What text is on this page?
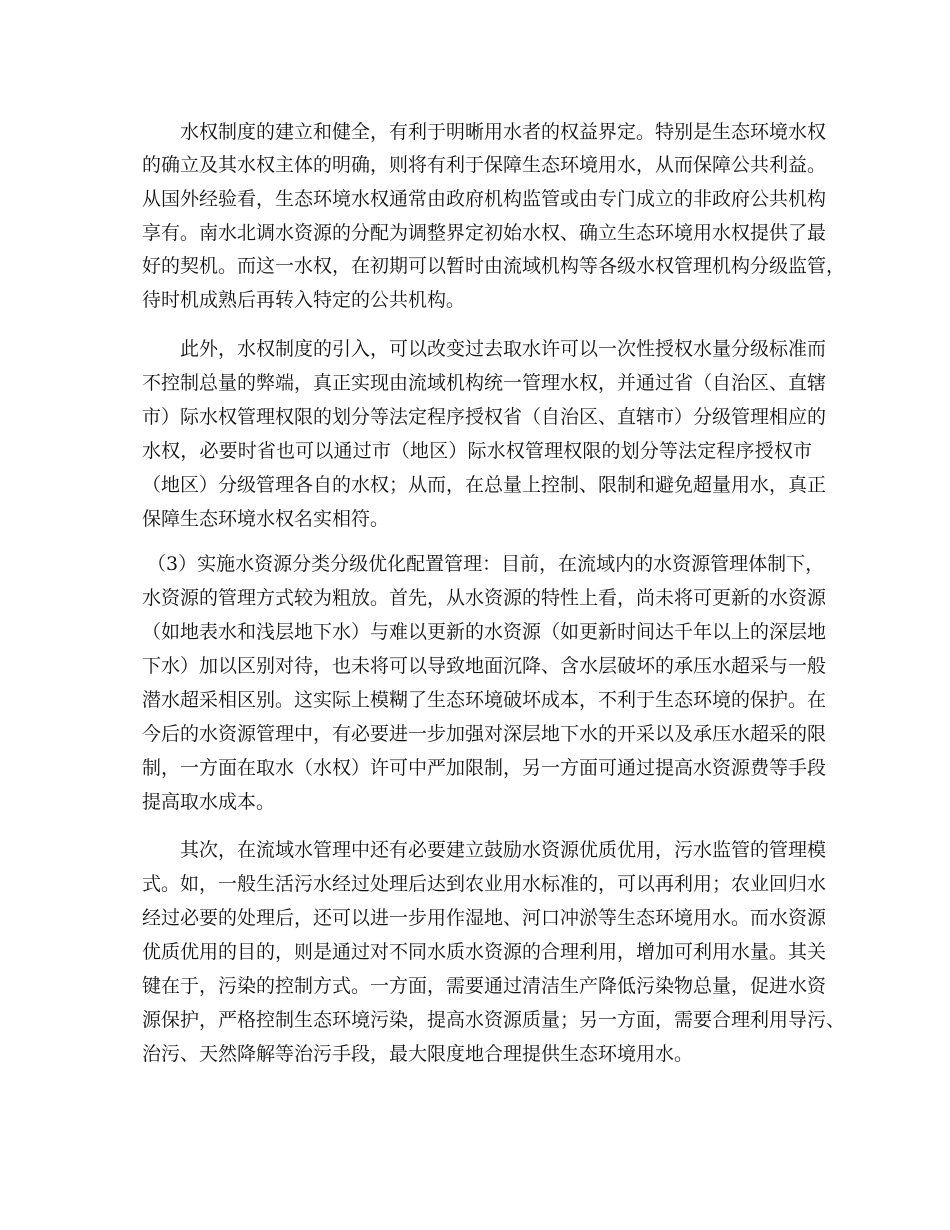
水权制度的建立和健全，有利于明晰用水者的权益界定。特别是生态环境水权
的确立及其水权主体的明确，则将有利于保障生态环境用水，从而保障公共利益。
从国外经验看，生态环境水权通常由政府机构监管或由专门成立的非政府公共机构
享有。南水北调水资源的分配为调整界定初始水权、确立生态环境用水权提供了最
好的契机。而这一水权，在初期可以暂时由流域机构等各级水权管理机构分级监管，
待时机成熟后再转入特定的公共机构。
此外，水权制度的引入，可以改变过去取水许可以一次性授权水量分级标准而
不控制总量的弊端，真正实现由流域机构统一管理水权，并通过省（自治区、直辖
市）际水权管理权限的划分等法定程序授权省（自治区、直辖市）分级管理相应的
水权，必要时省也可以通过市（地区）际水权管理权限的划分等法定程序授权市
（地区）分级管理各自的水权；从而，在总量上控制、限制和避免超量用水，真正
保障生态环境水权名实相符。
（3）实施水资源分类分级优化配置管理：目前，在流域内的水资源管理体制下，
水资源的管理方式较为粗放。首先，从水资源的特性上看，尚未将可更新的水资源
（如地表水和浅层地下水）与难以更新的水资源（如更新时间达千年以上的深层地
下水）加以区别对待，也未将可以导致地面沉降、含水层破坏的承压水超采与一般
潜水超采相区别。这实际上模糊了生态环境破坏成本，不利于生态环境的保护。在
今后的水资源管理中，有必要进一步加强对深层地下水的开采以及承压水超采的限
制，一方面在取水（水权）许可中严加限制，另一方面可通过提高水资源费等手段
提高取水成本。
其次，在流域水管理中还有必要建立鼓励水资源优质优用，污水监管的管理模
式。如，一般生活污水经过处理后达到农业用水标准的，可以再利用；农业回归水
经过必要的处理后，还可以进一步用作湿地、河口冲淤等生态环境用水。而水资源
优质优用的目的，则是通过对不同水质水资源的合理利用，增加可利用水量。其关
键在于，污染的控制方式。一方面，需要通过清洁生产降低污染物总量，促进水资
源保护，严格控制生态环境污染，提高水资源质量；另一方面，需要合理利用导污、
治污、天然降解等治污手段，最大限度地合理提供生态环境用水。
